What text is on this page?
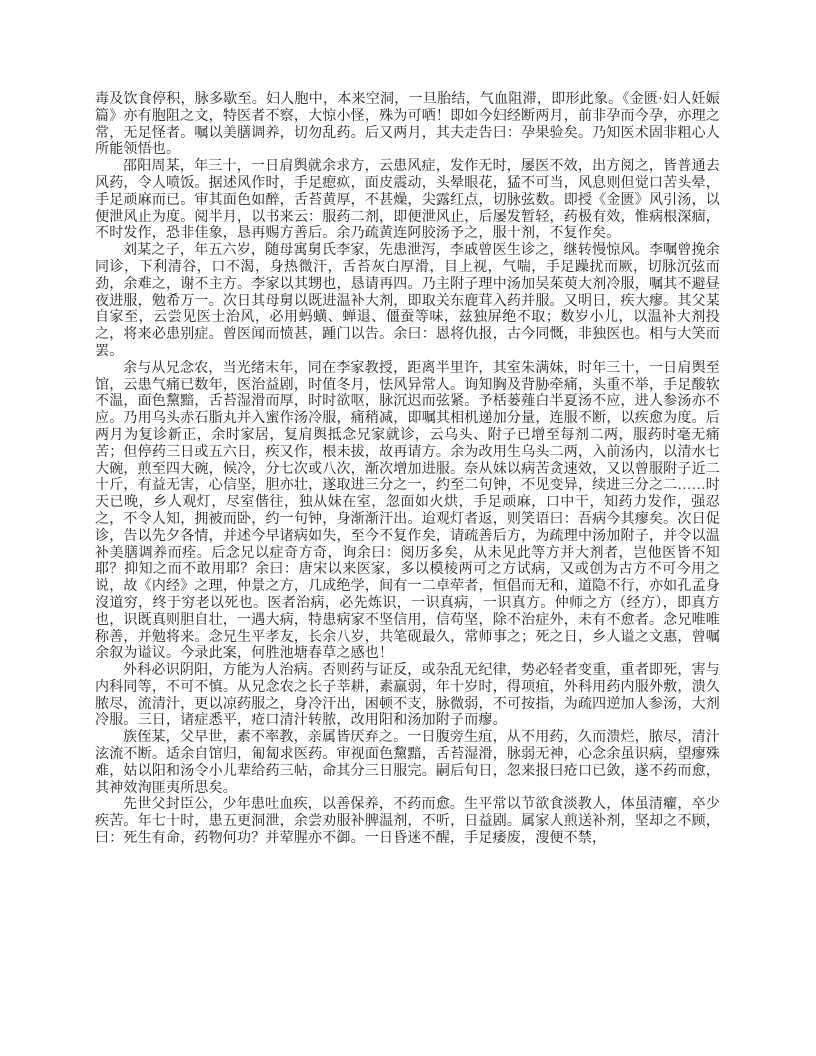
毒及饮食停积，脉多歇至。妇人胞中，本来空洞，一旦胎结，气血阻滞，即形此象。《金匮·妇人妊娠篇》亦有胞阻之文，特医者不察，大惊小怪，殊为可哂！即如今妇经断两月，前非孕而今孕，亦理之常，无足怪者。嘱以美膳调养，切勿乱药。后又两月，其夫走告曰：孕果验矣。乃知医术固非粗心人所能领悟也。

邵阳周某，年三十，一日肩舆就余求方，云患风症，发作无时，屡医不效，出方阅之，皆普通去风药，令人喷饭。据述风作时，手足瘛疭，面皮震动，头晕眼花，猛不可当，风息则但觉口苦头晕，手足顽麻而已。审其面色如醉，舌苔黄厚，不甚燥，尖露红点，切脉弦数。即授《金匮》风引汤，以便泄风止为度。阅半月，以书来云：服药二剂，即便泄风止，后屡发暂轻，药极有效，惟病根深痼，不时发作，恐非佳象，恳再赐方善后。余乃疏黄连阿胶汤予之，服十剂，不复作矣。

刘某之子，年五六岁，随母寓舅氏李家，先患泄泻，李戚曾医生诊之，继转慢惊风。李嘱曾挽余同诊，下利清谷，口不渴，身热微汗，舌苔灰白厚滑，目上视，气喘，手足躁扰而厥，切脉沉弦而劲，余难之，谢不主方。李家以其甥也，恳请再四。乃主附子理中汤加吴茱萸大剂冷服，嘱其不避昼夜进服，勉希万一。次日其母舅以既进温补大剂，即取关东鹿茸入药并服。又明日，疾大瘳。其父某自家至，云尝见医士治风，必用蚂蟥、蝉退、僵蚕等味，兹独屏绝不取；数岁小儿，以温补大剂投之，将来必患别症。曾医闻而愤甚，踵门以告。余曰：恩将仇报，古今同慨，非独医也。相与大笑而罢。

余与从兄念农，当光绪末年，同在李家教授，距离半里许，其室朱满妹，时年三十，一日肩舆至馆，云患气痛已数年，医治益剧，时值冬月，怯风异常人。询知胸及背胁牵痛，头重不举，手足酸软不温，面色黧黯，舌苔湿滑而厚，时时欲呕，脉沉迟而弦紧。予栝蒌薤白半夏汤不应，进人参汤亦不应。乃用乌头赤石脂丸并入蜜作汤冷服，痛稍减，即嘱其相机递加分量，连服不断，以疾愈为度。后两月为复诊新正，余时家居，复肩舆抵念兄家就诊，云乌头、附子已增至每剂二两，服药时毫无痛苦；但停药三日或五六日，疾又作，根未拔，故再请方。余为改用生乌头二两，入前汤内，以清水七大碗，煎至四大碗，候冷，分七次或八次，渐次增加进服。奈从妹以病苦贪速效，又以曾服附子近二十斤，有益无害，心信坚，胆亦壮，遂取进三分之一，约至二句钟，不见变异，续进三分之二……时天已晚，乡人观灯，尽室偕往，独从妹在室，忽面如火烘，手足顽麻，口中干，知药力发作，强忍之，不令人知，拥被而卧，约一句钟，身渐渐汗出。迨观灯者返，则笑语曰：吾病今其瘳矣。次日促诊，告以先夕各情，并述今早诸病如失，至今不复作矣，请疏善后方，为疏理中汤加附子，并令以温补美膳调养而痊。后念兄以症奇方奇，询余曰：阅历多矣，从未见此等方并大剂者，岂他医皆不知耶？抑知之而不敢用耶？余曰：唐宋以来医家，多以模棱两可之方试病，又或创为古方不可今用之说，故《内经》之理，仲景之方，几成绝学，间有一二卓荦者，恒倡而无和，道隐不行，亦如孔孟身沒道穷，终于穷老以死也。医者治病，必先炼识，一识真病，一识真方。仲师之方（经方），即真方也，识既真则胆自壮，一遇大病，特患病家不坚信用，信苟坚，除不治症外，未有不愈者。念兄唯唯称善，并勉将来。念兄生平孝友，长余八岁，共笔砚最久，常师事之；死之日，乡人谥之文惠，曾嘱余叙为谥议。今录此案，何胜池塘春草之感也！

外科必识阴阳，方能为人治病。否则药与证反，或杂乱无纪律，势必轻者变重，重者即死，害与内科同等，不可不慎。从兄念农之长子莘耕，素羸弱，年十岁时，得项疽，外科用药内服外敷，溃久脓尽，流清汁，更以凉药服之，身冷汗出，困顿不支，脉微弱，不可按指，为疏四逆加人参汤，大剂冷服。三日，诸症悉平，疮口清汁转脓，改用阳和汤加附子而瘳。

族侄某，父早世，素不率教，亲属皆厌弃之。一日腹旁生疽，从不用药，久而溃烂，脓尽，清汁泫流不断。适余自馆归，匍匐求医药。审视面色黧黯，舌苔湿滑，脉弱无神，心念余虽识病，望瘳殊难，姑以阳和汤令小儿辈给药三帖，命其分三日服完。嗣后旬日，忽来报曰疮口已敛，遂不药而愈，其神效洵匪夷所思矣。

先世父封臣公，少年患吐血疾，以善保养，不药而愈。生平常以节欲食淡教人，体虽清癯，卒少疾苦。年七十时，患五更洞泄，余尝劝服补脾温剂，不听，日益剧。属家人煎送补剂，坚却之不顾，曰：死生有命，药物何功？并荤腥亦不御。一日昏迷不醒，手足痿废，溲便不禁，
